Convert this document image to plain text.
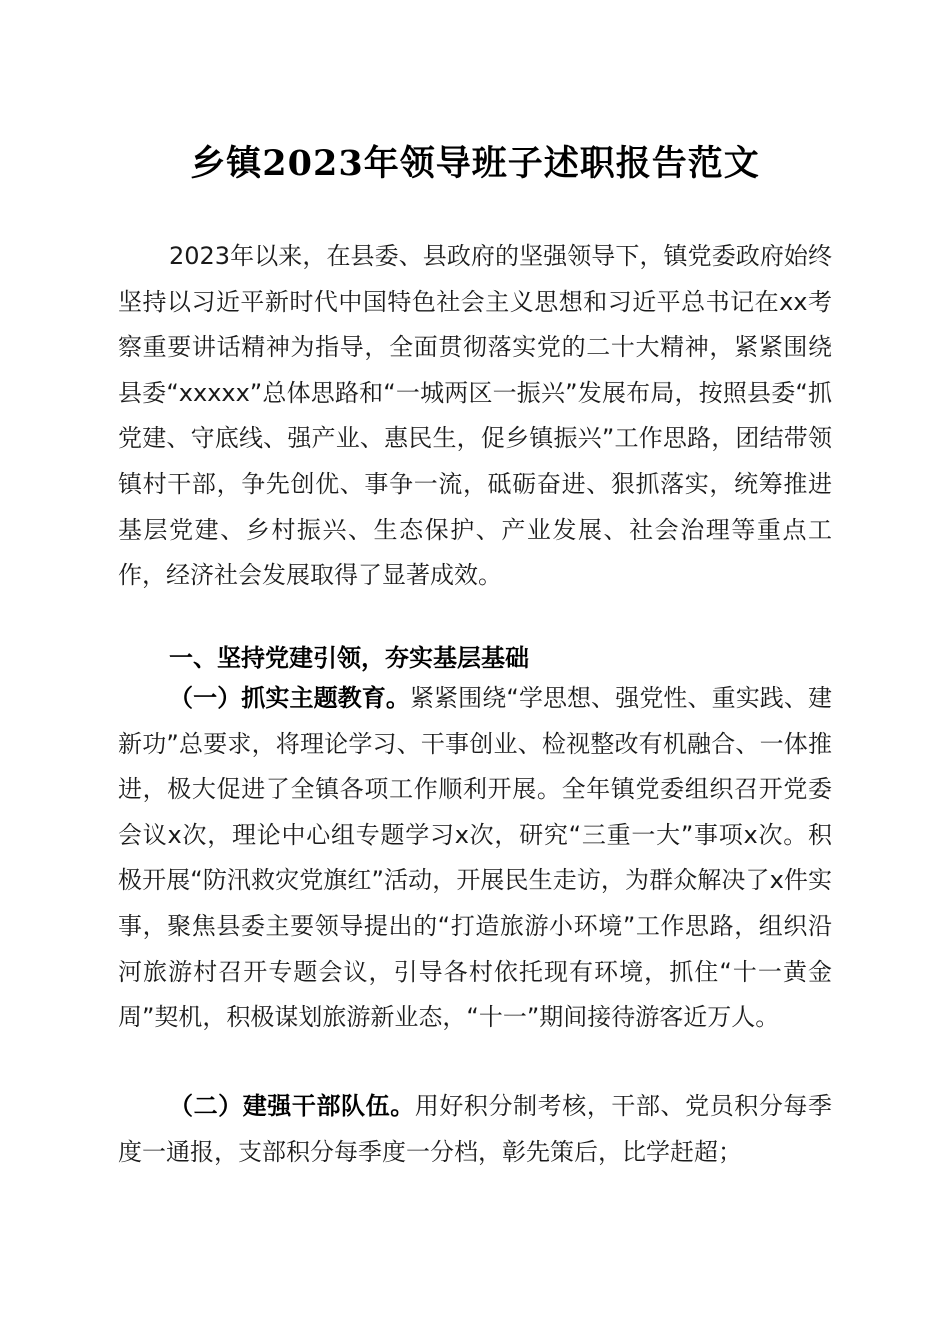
乡镇2023年领导班子述职报告范文

2023年以来，在县委、县政府的坚强领导下，镇党委政府始终坚持以习近平新时代中国特色社会主义思想和习近平总书记在xx考察重要讲话精神为指导，全面贯彻落实党的二十大精神，紧紧围绕县委“xxxxx”总体思路和“一城两区一振兴”发展布局，按照县委“抓党建、守底线、强产业、惠民生，促乡镇振兴”工作思路，团结带领镇村干部，争先创优、事争一流，砥砺奋进、狠抓落实，统筹推进基层党建、乡村振兴、生态保护、产业发展、社会治理等重点工作，经济社会发展取得了显著成效。

一、坚持党建引领，夯实基层基础

（一）抓实主题教育。紧紧围绕“学思想、强党性、重实践、建新功”总要求，将理论学习、干事创业、检视整改有机融合、一体推进，极大促进了全镇各项工作顺利开展。全年镇党委组织召开党委会议x次，理论中心组专题学习x次，研究“三重一大”事项x次。积极开展“防汛救灾党旗红”活动，开展民生走访，为群众解决了x件实事，聚焦县委主要领导提出的“打造旅游小环境”工作思路，组织沿河旅游村召开专题会议，引导各村依托现有环境，抓住“十一黄金周”契机，积极谋划旅游新业态，“十一”期间接待游客近万人。

（二）建强干部队伍。用好积分制考核，干部、党员积分每季度一通报，支部积分每季度一分档，彰先策后，比学赶超；
